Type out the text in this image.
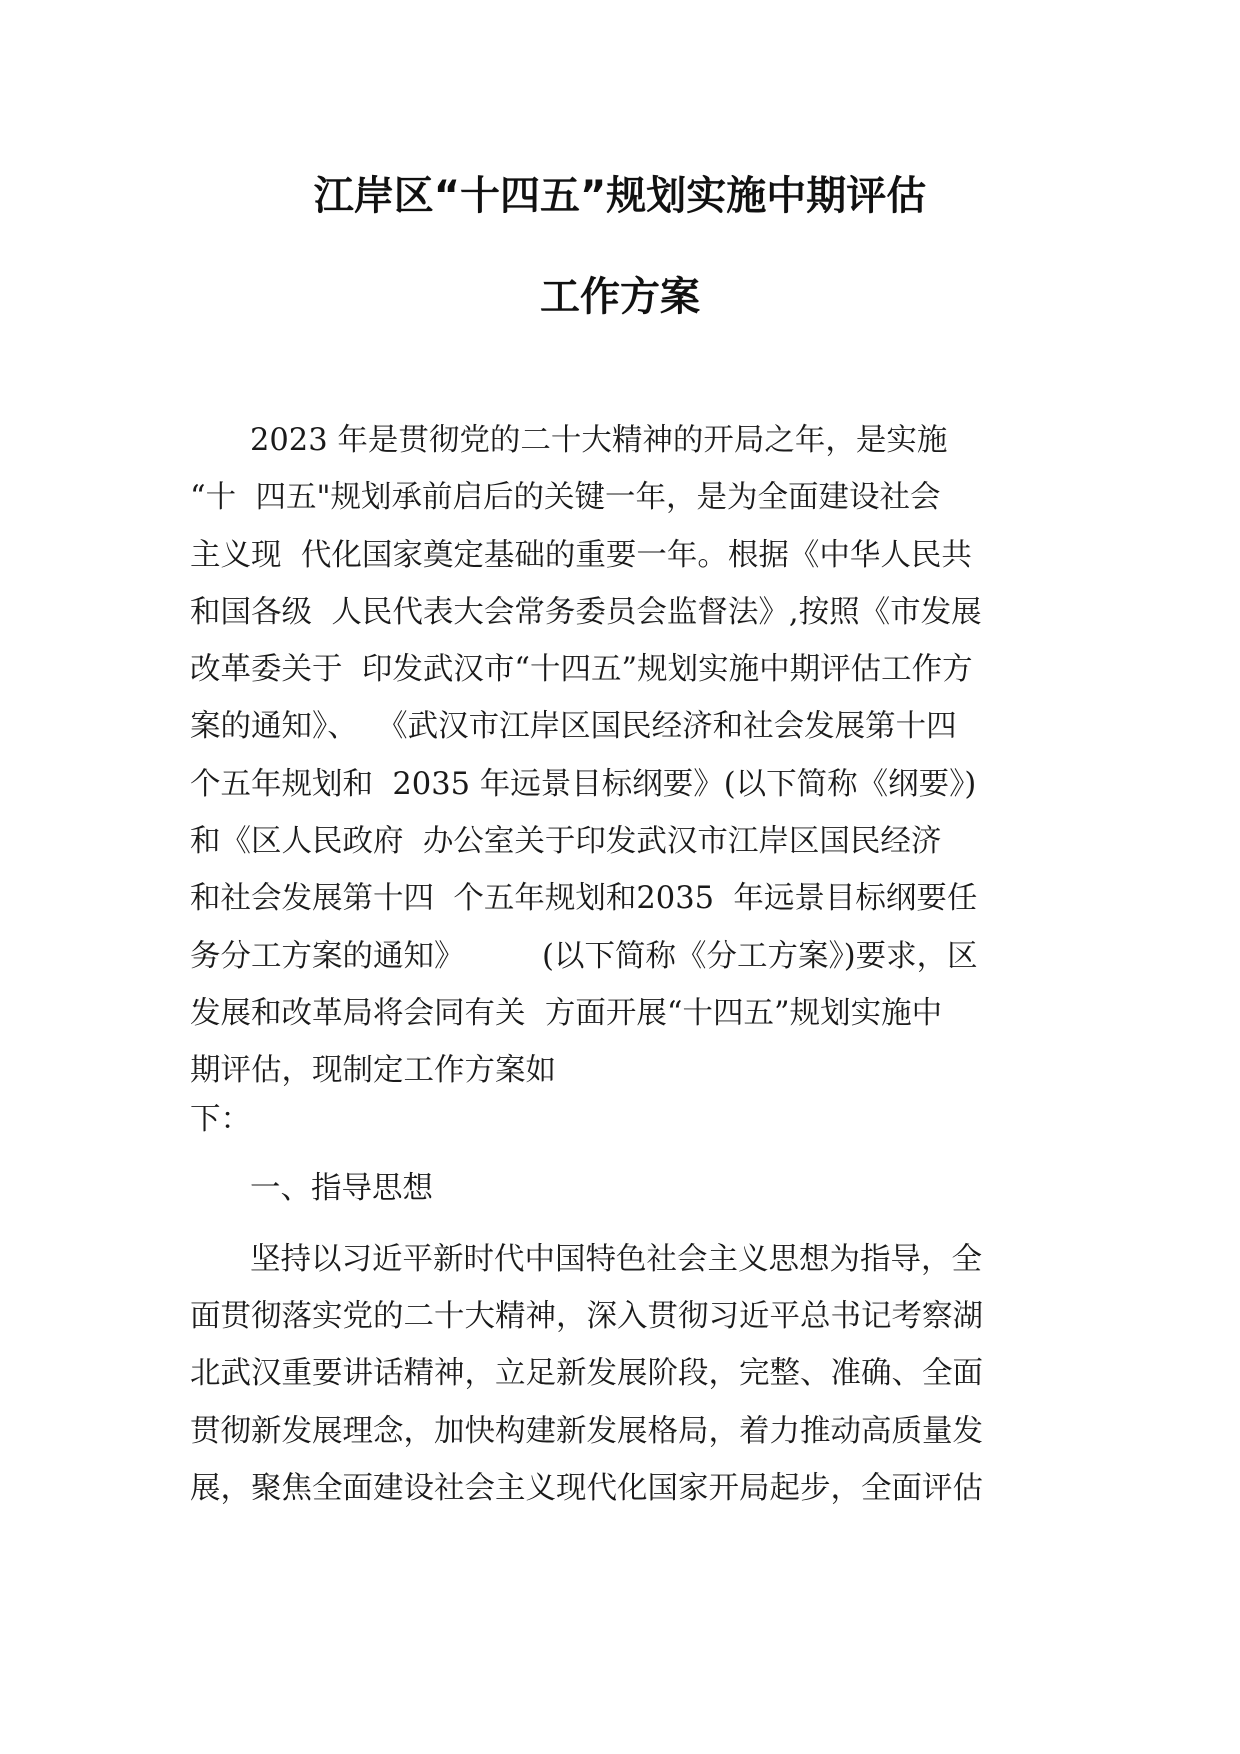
江岸区“十四五”规划实施中期评估
工作方案
2023 年是贯彻党的二十大精神的开局之年，是实施
“十  四五"规划承前启后的关键一年，是为全面建设社会
主义现  代化国家奠定基础的重要一年。根据《中华人民共
和国各级  人民代表大会常务委员会监督法》,按照《市发展
改革委关于  印发武汉市“十四五”规划实施中期评估工作方
案的通知》、  《武汉市江岸区国民经济和社会发展第十四
个五年规划和  2035 年远景目标纲要》(以下简称《纲要》)
和《区人民政府  办公室关于印发武汉市江岸区国民经济
和社会发展第十四  个五年规划和2035  年远景目标纲要任
务分工方案的通知》        (以下简称《分工方案》)要求，区
发展和改革局将会同有关  方面开展“十四五”规划实施中
期评估，现制定工作方案如
下：
一、指导思想
坚持以习近平新时代中国特色社会主义思想为指导，全
面贯彻落实党的二十大精神，深入贯彻习近平总书记考察湖
北武汉重要讲话精神，立足新发展阶段，完整、准确、全面
贯彻新发展理念，加快构建新发展格局，着力推动高质量发
展，聚焦全面建设社会主义现代化国家开局起步，全面评估
